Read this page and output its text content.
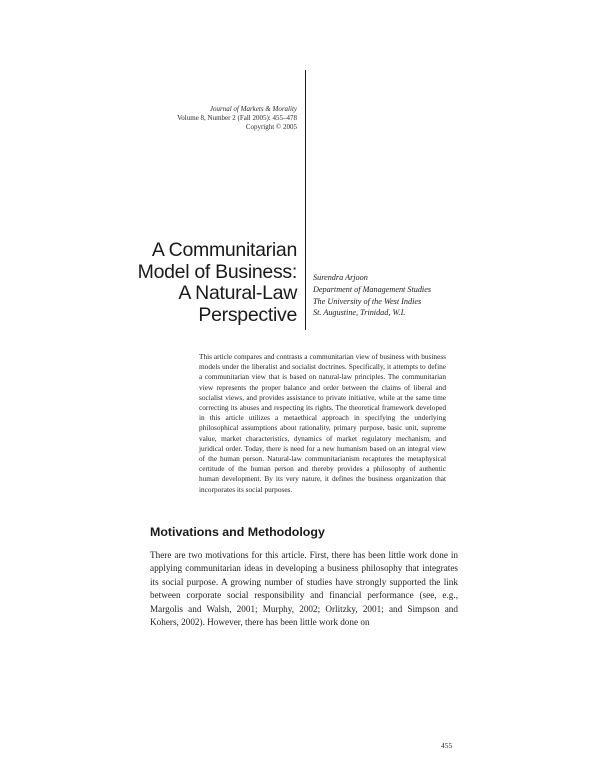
Journal of Markets & Morality
Volume 8, Number 2 (Fall 2005): 455–478
Copyright © 2005
A Communitarian
Model of Business:
A Natural-Law
Perspective
Surendra Arjoon
Department of Management Studies
The University of the West Indies
St. Augustine, Trinidad, W.I.

This article compares and contrasts a communitarian view of business with business models under the liberalist and socialist doctrines. Specifically, it attempts to define a communitarian view that is based on natural-law principles. The communitarian view represents the proper balance and order between the claims of liberal and socialist views, and provides assistance to private initiative, while at the same time correcting its abuses and respecting its rights. The theoretical framework developed in this article utilizes a metaethical approach in specifying the underlying philosophical assumptions about rationality, primary purpose, basic unit, supreme value, market characteristics, dynamics of market regulatory mechanism, and juridical order. Today, there is need for a new humanism based on an integral view of the human person. Natural-law communitarianism recaptures the metaphysical certitude of the human person and thereby provides a philosophy of authentic human development. By its very nature, it defines the business organization that incorporates its social purposes.

Motivations and Methodology

There are two motivations for this article. First, there has been little work done in applying communitarian ideas in developing a business philosophy that integrates its social purpose. A growing number of studies have strongly supported the link between corporate social responsibility and financial performance (see, e.g., Margolis and Walsh, 2001; Murphy, 2002; Orlitzky, 2001; and Simpson and Kohers, 2002). However, there has been little work done on

455
